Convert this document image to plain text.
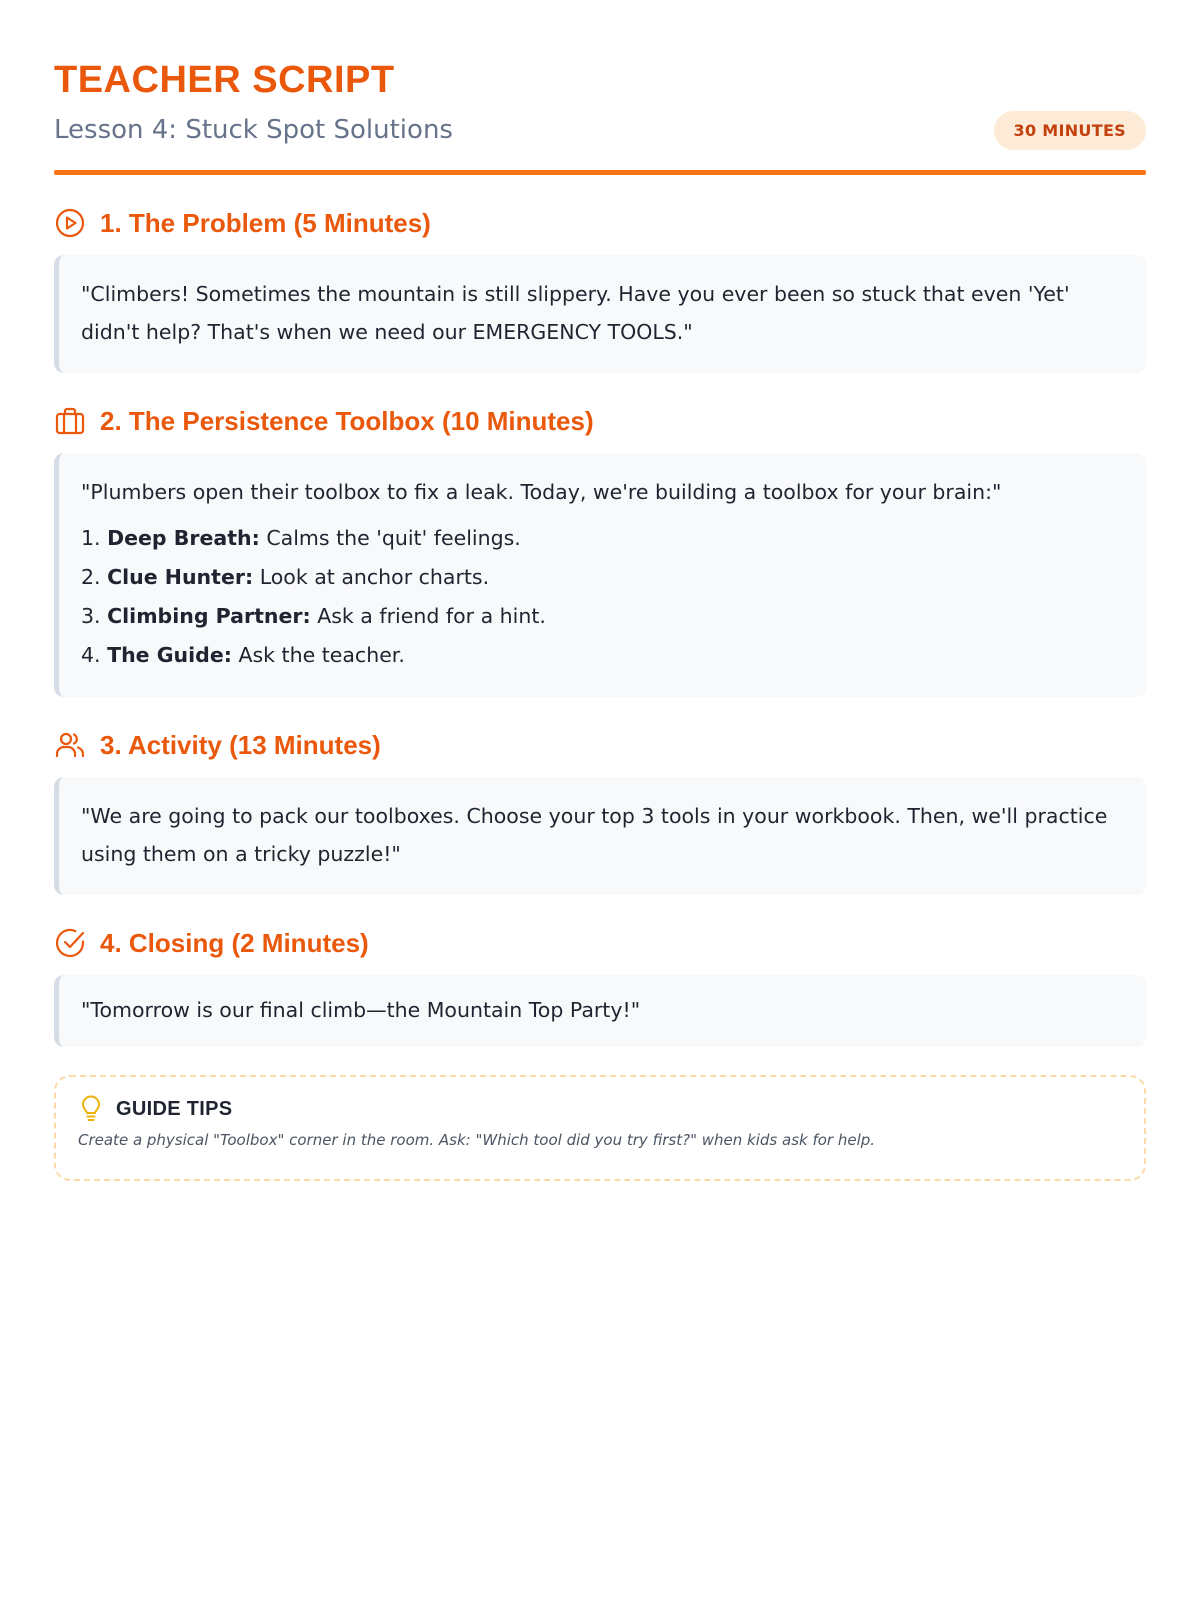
TEACHER SCRIPT
Lesson 4: Stuck Spot Solutions	30 MINUTES
1. The Problem (5 Minutes)

"Climbers! Sometimes the mountain is still slippery. Have you ever been so stuck that even 'Yet' didn't help? That's when we need our EMERGENCY TOOLS."

2. The Persistence Toolbox (10 Minutes)

"Plumbers open their toolbox to fix a leak. Today, we're building a toolbox for your brain:"

1. Deep Breath: Calms the 'quit' feelings.
2. Clue Hunter: Look at anchor charts.
3. Climbing Partner: Ask a friend for a hint.
4. The Guide: Ask the teacher.
3. Activity (13 Minutes)

"We are going to pack our toolboxes. Choose your top 3 tools in your workbook. Then, we'll practice using them on a tricky puzzle!"

4. Closing (2 Minutes)

"Tomorrow is our final climb—the Mountain Top Party!"

GUIDE TIPS

Create a physical "Toolbox" corner in the room. Ask: "Which tool did you try first?" when kids ask for help.
